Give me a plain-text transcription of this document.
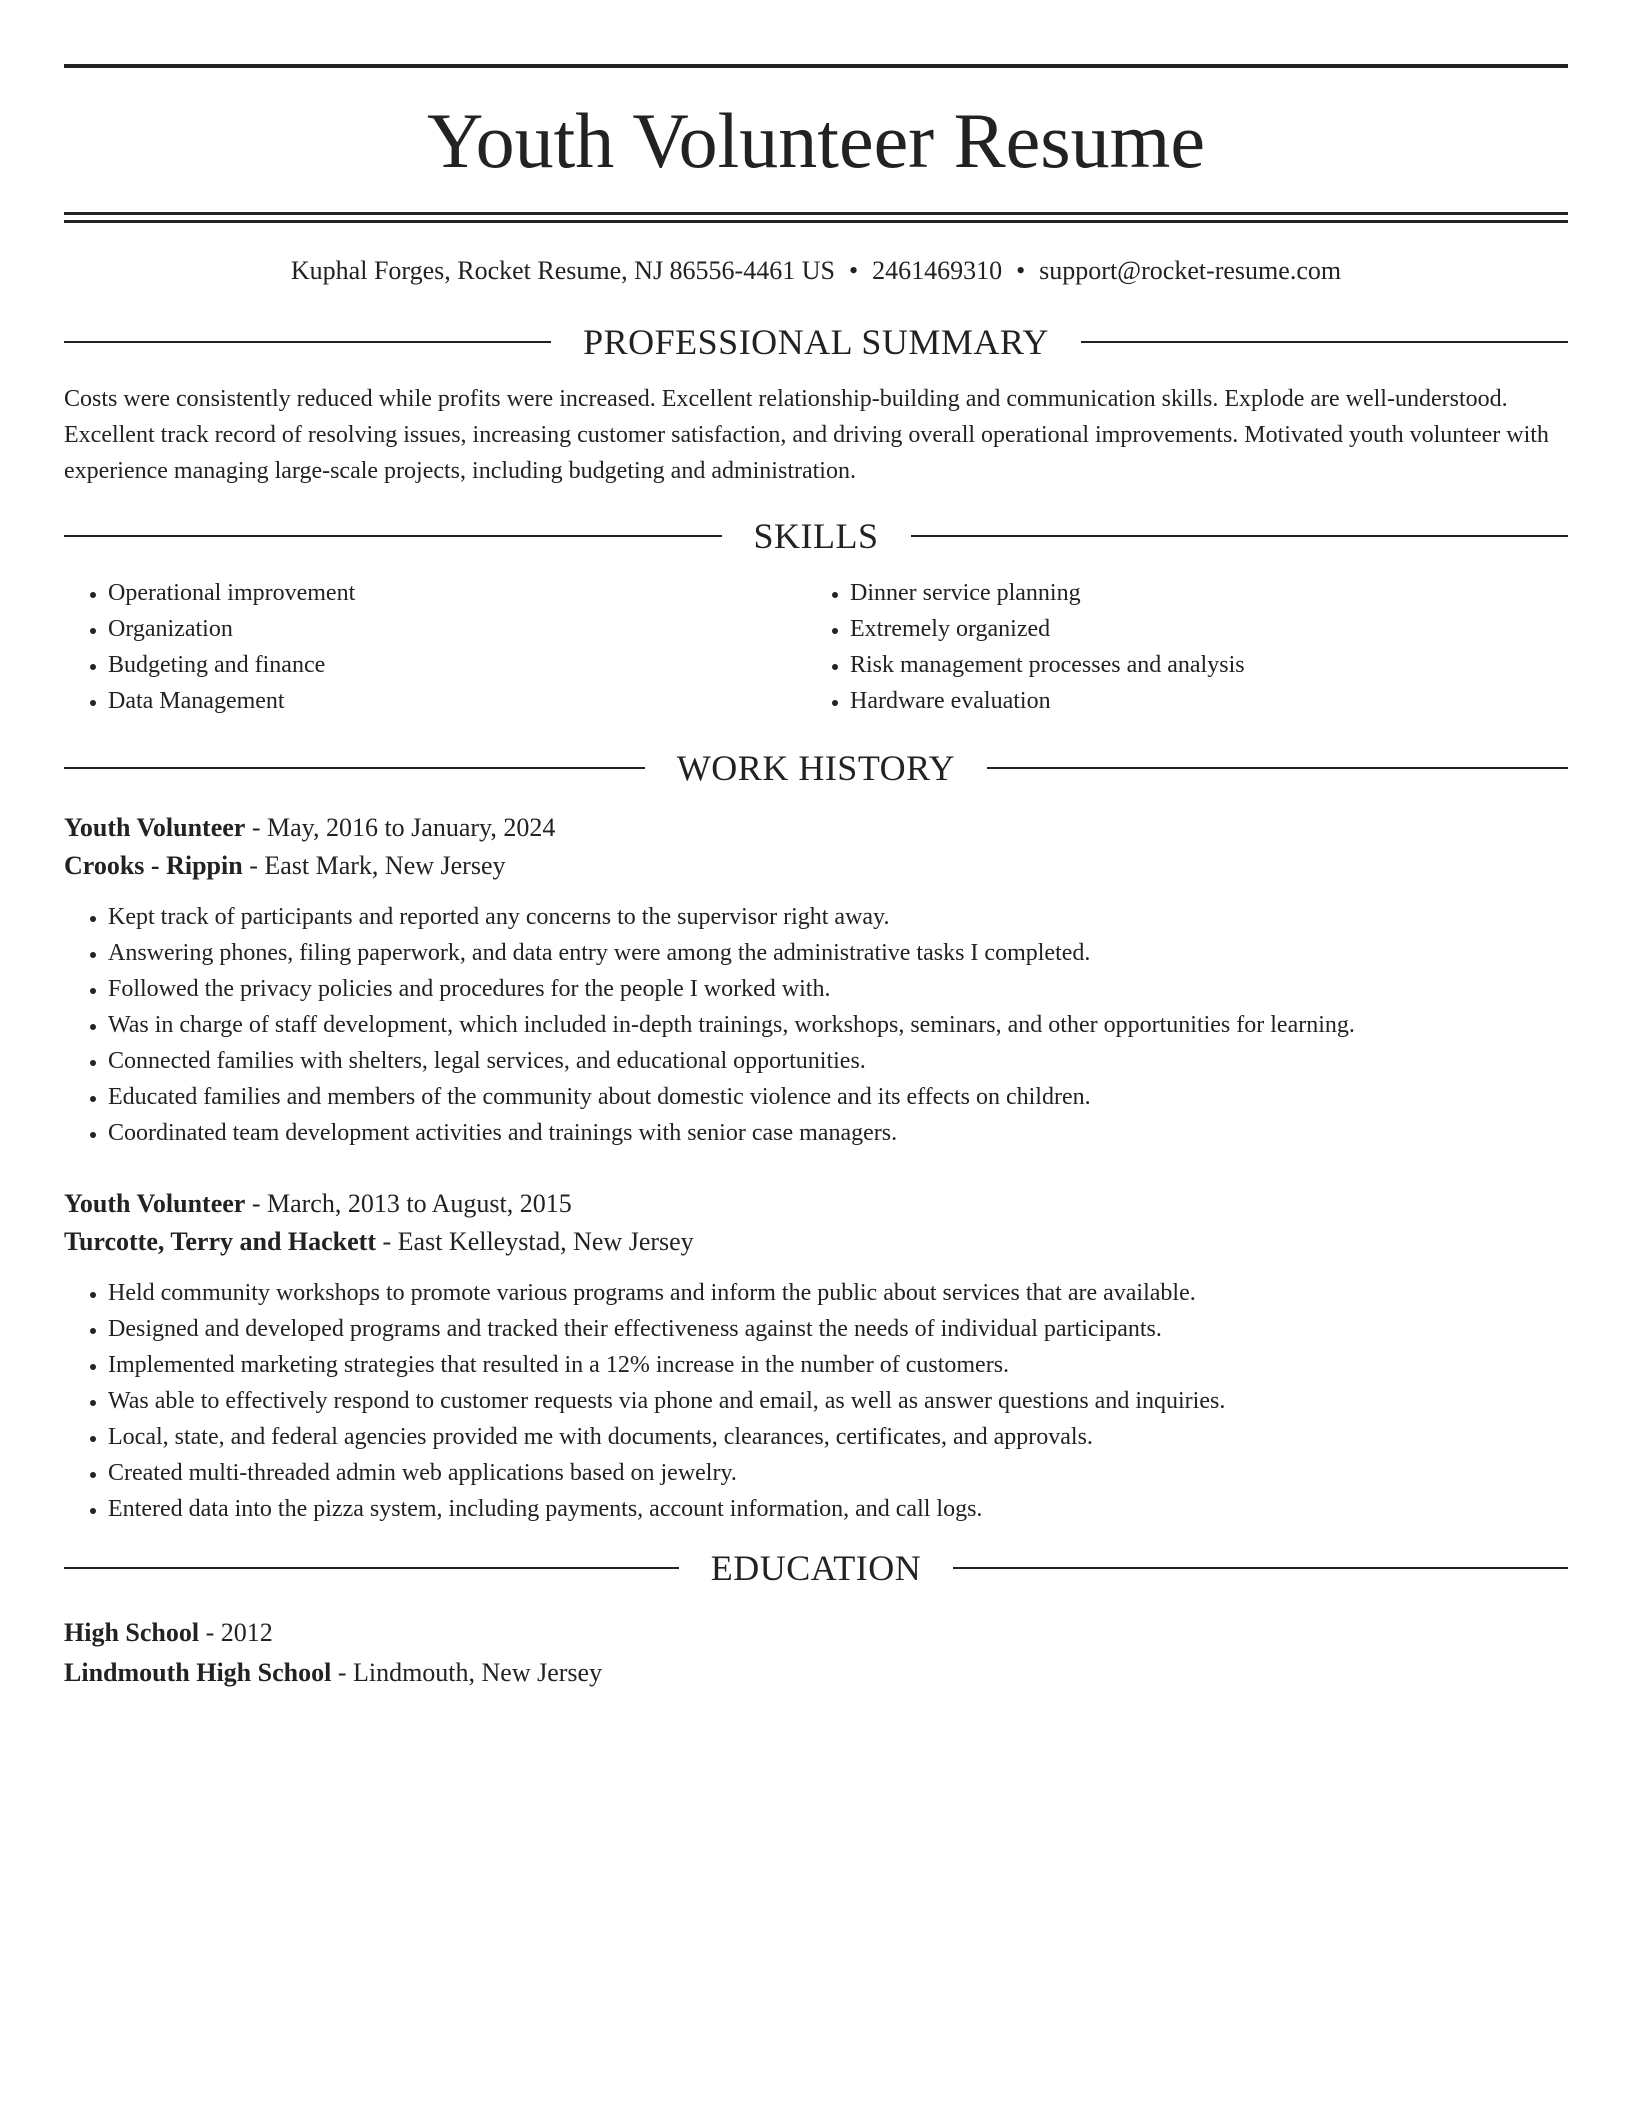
Youth Volunteer Resume
Kuphal Forges, Rocket Resume, NJ 86556-4461 US • 2461469310 • support@rocket-resume.com
PROFESSIONAL SUMMARY
Costs were consistently reduced while profits were increased. Excellent relationship-building and communication skills. Explode are well-understood. Excellent track record of resolving issues, increasing customer satisfaction, and driving overall operational improvements. Motivated youth volunteer with experience managing large-scale projects, including budgeting and administration.
SKILLS
• Operational improvement
• Organization
• Budgeting and finance
• Data Management
• Dinner service planning
• Extremely organized
• Risk management processes and analysis
• Hardware evaluation
WORK HISTORY
Youth Volunteer - May, 2016 to January, 2024
Crooks - Rippin - East Mark, New Jersey
• Kept track of participants and reported any concerns to the supervisor right away.
• Answering phones, filing paperwork, and data entry were among the administrative tasks I completed.
• Followed the privacy policies and procedures for the people I worked with.
• Was in charge of staff development, which included in-depth trainings, workshops, seminars, and other opportunities for learning.
• Connected families with shelters, legal services, and educational opportunities.
• Educated families and members of the community about domestic violence and its effects on children.
• Coordinated team development activities and trainings with senior case managers.
Youth Volunteer - March, 2013 to August, 2015
Turcotte, Terry and Hackett - East Kelleystad, New Jersey
• Held community workshops to promote various programs and inform the public about services that are available.
• Designed and developed programs and tracked their effectiveness against the needs of individual participants.
• Implemented marketing strategies that resulted in a 12% increase in the number of customers.
• Was able to effectively respond to customer requests via phone and email, as well as answer questions and inquiries.
• Local, state, and federal agencies provided me with documents, clearances, certificates, and approvals.
• Created multi-threaded admin web applications based on jewelry.
• Entered data into the pizza system, including payments, account information, and call logs.
EDUCATION
High School - 2012
Lindmouth High School - Lindmouth, New Jersey
